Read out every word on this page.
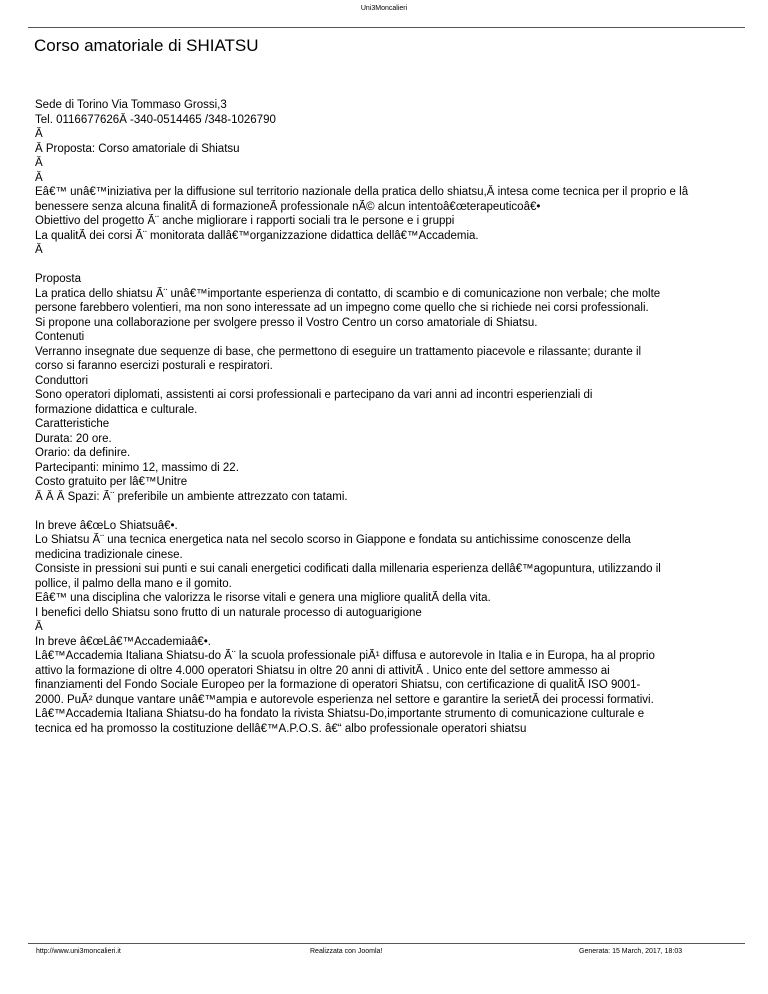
Uni3Moncalieri
Corso amatoriale di SHIATSU

Sede di Torino Via Tommaso Grossi,3

Tel. 0116677626Â -340-0514465 /348-1026790

Â

Â Proposta: Corso amatoriale di Shiatsu

Â

Â

Eâ€™ unâ€™iniziativa per la diffusione sul territorio nazionale della pratica dello shiatsu,Â intesa come tecnica per il proprio e lâ

benessere senza alcuna finalitÃ di formazioneÃ professionale nÃ© alcun intentoâ€œterapeuticoâ€•

Obiettivo del progetto Ã¨ anche migliorare i rapporti sociali tra le persone e i gruppi

La qualitÃ dei corsi Ã¨ monitorata dallâ€™organizzazione didattica dellâ€™Accademia.

Â

Proposta

La pratica dello shiatsu Ã¨ unâ€™importante esperienza di contatto, di scambio e di comunicazione non verbale; che molte

persone farebbero volentieri, ma non sono interessate ad un impegno come quello che si richiede nei corsi professionali.

Si propone una collaborazione per svolgere presso il Vostro Centro un corso amatoriale di Shiatsu.

Contenuti

Verranno insegnate due sequenze di base, che permettono di eseguire un trattamento piacevole e rilassante; durante il

corso si faranno esercizi posturali e respiratori.

Conduttori

Sono operatori diplomati, assistenti ai corsi professionali e partecipano da vari anni ad incontri esperienziali di

formazione didattica e culturale.

Caratteristiche

Durata: 20 ore.

Orario: da definire.

Partecipanti: minimo 12, massimo di 22.

Costo gratuito per lâ€™Unitre

Â Â Â Spazi: Ã¨ preferibile un ambiente attrezzato con tatami.

In breve â€œLo Shiatsuâ€•.

Lo Shiatsu Ã¨ una tecnica energetica nata nel secolo scorso in Giappone e fondata su antichissime conoscenze della

medicina tradizionale cinese.

Consiste in pressioni sui punti e sui canali energetici codificati dalla millenaria esperienza dellâ€™agopuntura, utilizzando il

pollice, il palmo della mano e il gomito.

Eâ€™ una disciplina che valorizza le risorse vitali e genera una migliore qualitÃ della vita.

I benefici dello Shiatsu sono frutto di un naturale processo di autoguarigione

Â

In breve â€œLâ€™Accademiaâ€•.

Lâ€™Accademia Italiana Shiatsu-do Ã¨ la scuola professionale piÃ¹ diffusa e autorevole in Italia e in Europa, ha al proprio

attivo la formazione di oltre 4.000 operatori Shiatsu in oltre 20 anni di attivitÃ . Unico ente del settore ammesso ai

finanziamenti del Fondo Sociale Europeo per la formazione di operatori Shiatsu, con certificazione di qualitÃ ISO 9001-

2000. PuÃ² dunque vantare unâ€™ampia e autorevole esperienza nel settore e garantire la serietÃ dei processi formativi.

Lâ€™Accademia Italiana Shiatsu-do ha fondato la rivista Shiatsu-Do,importante strumento di comunicazione culturale e

tecnica ed ha promosso la costituzione dellâ€™A.P.O.S. â€“ albo professionale operatori shiatsu

http://www.uni3moncalieri.it	Realizzata con Joomla!	Generata: 15 March, 2017, 18:03
